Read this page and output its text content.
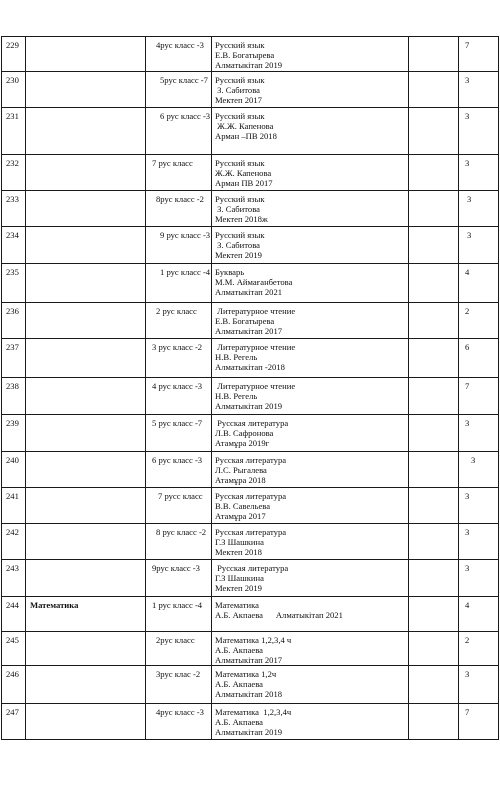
229		4рус класс -3	Русский язык
Е.В. Богатырева
Алматыкітап 2019		7
230		5рус класс -7	Русский язык
З. Сабитова
Мектеп 2017		3
231		6 рус класс -3	Русский язык
Ж.Ж. Капенова
Арман –ПВ 2018		3
232		7 рус класс	Русский язык
Ж.Ж. Капенова
Арман ПВ 2017		3
233		8рус класс -2	Русский язык
З. Сабитова
Мектеп 2018ж		3
234		9 рус класс -3	Русский язык
З. Сабитова
Мектеп 2019		3
235		1 рус класс -4	Букварь
М.М. Аймағанбетова
Алматыкітап 2021		4
236		2 рус класс	Литературное чтение
Е.В. Богатырева
Алматыкітап 2017		2
237		3 рус класс -2	Литературное чтение
Н.В. Регель
Алматыкітап -2018		6
238		4 рус класс -3	Литературное чтение
Н.В. Регель
Алматыкітап 2019		7
239		5 рус класс -7	Русская литература
Л.В. Сафронова
Атамұра 2019г		3
240		6 рус класс -3	Русская литература
Л.С. Рыгалева
Атамұра 2018		3
241		7 русс класс	Русская литература
В.В. Савельева
Атамұра 2017		3
242		8 рус класс -2	Русская литература
Г.З Шашкина
Мектеп 2018		3
243		9рус класс -3	Русская литература
Г.З Шашкина
Мектеп 2019		3
244	Математика	1 рус класс -4	Математика
А.Б. Акпаева      Алматыкітап 2021		4
245		2рус класс	Математика 1,2,3,4 ч
А.Б. Акпаева
Алматыкітап 2017		2
246		3рус клас -2	Математика 1,2ч
А.Б. Акпаева
Алматыкітап 2018		3
247		4рус класс -3	Математика  1,2,3,4ч
А.Б. Акпаева
Алматыкітап 2019		7
